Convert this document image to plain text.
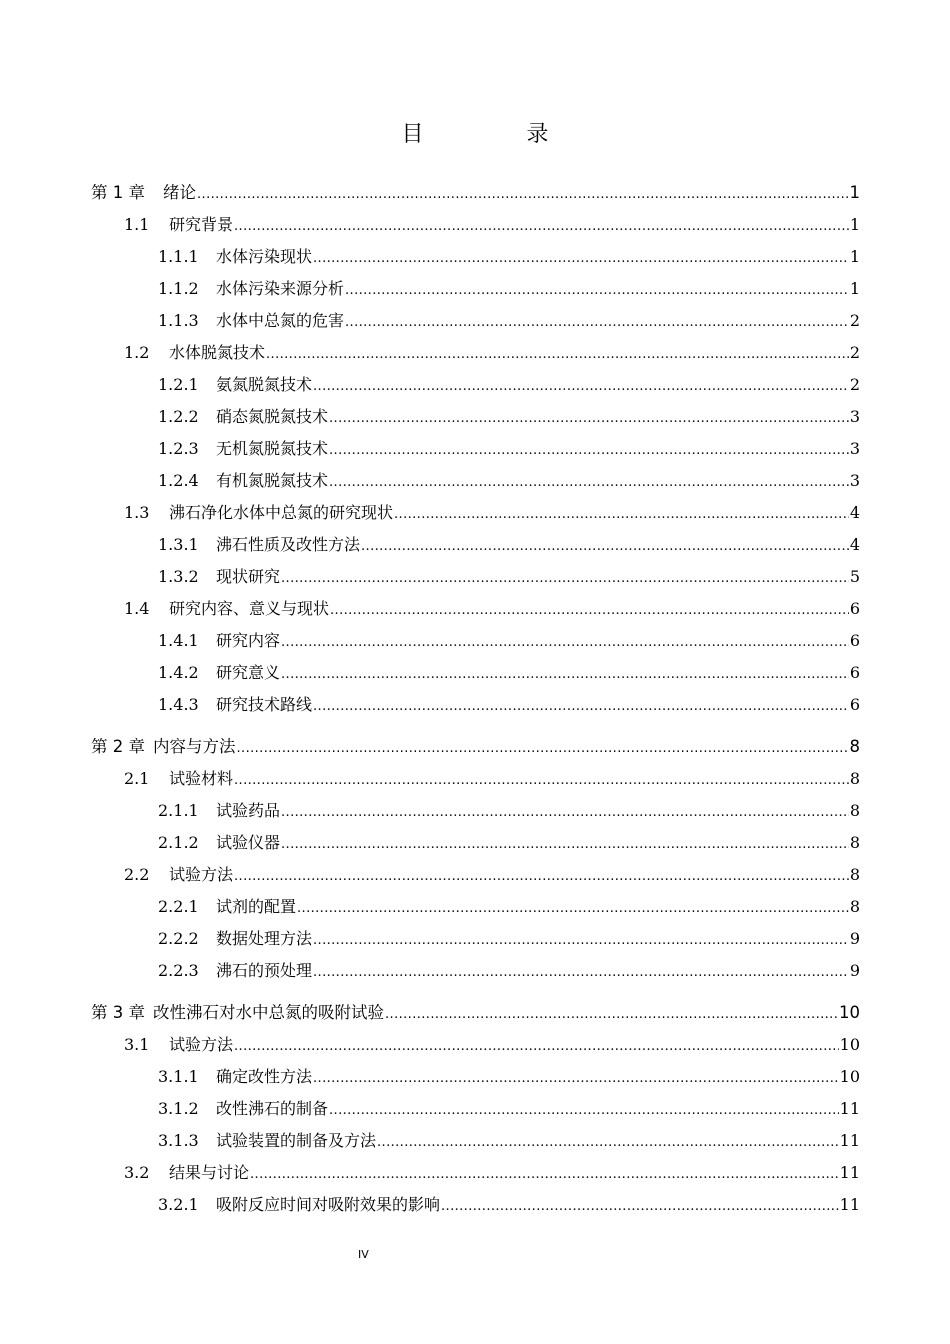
目 录
第 1 章 绪论 .....	1
1.1	研究背景 .....	1
1.1.1	水体污染现状 .....	1
1.1.2	水体污染来源分析 .....	1
1.1.3	水体中总氮的危害 .....	2
1.2	水体脱氮技术 .....	2
1.2.1	氨氮脱氮技术 .....	2
1.2.2	硝态氮脱氮技术 .....	3
1.2.3	无机氮脱氮技术 .....	3
1.2.4	有机氮脱氮技术 .....	3
1.3	沸石净化水体中总氮的研究现状 .....	4
1.3.1	沸石性质及改性方法 .....	4
1.3.2	现状研究 .....	5
1.4	研究内容、意义与现状 .....	6
1.4.1	研究内容 .....	6
1.4.2	研究意义 .....	6
1.4.3	研究技术路线 .....	6
第 2 章 内容与方法 .....	8
2.1	试验材料 .....	8
2.1.1	试验药品 .....	8
2.1.2	试验仪器 .....	8
2.2	试验方法 .....	8
2.2.1	试剂的配置 .....	8
2.2.2	数据处理方法 .....	9
2.2.3	沸石的预处理 .....	9
第 3 章 改性沸石对水中总氮的吸附试验 .....	10
3.1	试验方法 .....	10
3.1.1	确定改性方法 .....	10
3.1.2	改性沸石的制备 .....	11
3.1.3	试验装置的制备及方法 .....	11
3.2	结果与讨论 .....	11
3.2.1	吸附反应时间对吸附效果的影响 .....	11
IV
